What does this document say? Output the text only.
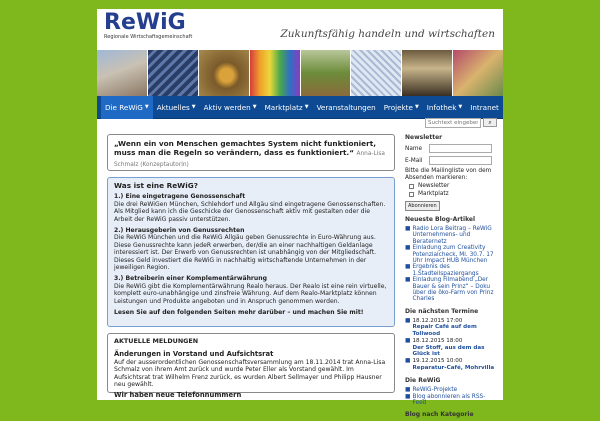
ReWiG
Regionale Wirtschaftsgemeinschaft	Zukunftsfähig handeln und wirtschaften
Die ReWiG ▼ Aktuelles ▼ Aktiv werden ▼ Marktplatz ▼ Veranstaltungen Projekte ▼ Infothek ▼ Intranet
Suchtext eingeben
⌕
„Wenn ein von Menschen gemachtes System nicht funktioniert, muss man die Regeln so verändern, dass es funktioniert.“ Anna-Lisa Schmalz (Konzeptautorin)
Was ist eine ReWiG?
1.) Eine eingetragene Genossenschaft
Die drei ReWiGen München, Schlehdorf und Allgäu sind eingetragene Genossenschaften. Als Mitglied kann ich die Geschicke der Genossenschaft aktiv mit gestalten oder die Arbeit der ReWiG passiv unterstützen.
2.) Herausgeberin von Genussrechten
Die ReWiG München und die ReWiG Allgäu geben Genussrechte in Euro-Währung aus. Diese Genussrechte kann jedeR erwerben, der/die an einer nachhaltigen Geldanlage interessiert ist. Der Erwerb von Genussrechten ist unabhängig von der Mitgliedschaft. Dieses Geld investiert die ReWiG in nachhaltig wirtschaftende Unternehmen in der jeweiligen Region.
3.) Betreiberin einer Komplementärwährung
Die ReWiG gibt die Komplementärwährung Realo heraus. Der Realo ist eine rein virtuelle, komplett euro-unabhängige und zinsfreie Währung. Auf dem Realo-Marktplatz können Leistungen und Produkte angeboten und in Anspruch genommen werden.
Lesen Sie auf den folgenden Seiten mehr darüber – und machen Sie mit!
AKTUELLE MELDUNGEN
Änderungen in Vorstand und Aufsichtsrat
Auf der ausserordentlichen Genossenschaftsversammlung am 18.11.2014 trat Anna-Lisa Schmalz von ihrem Amt zurück und wurde Peter Eller als Vorstand gewählt. Im Aufsichtsrat trat Wilhelm Frenz zurück, es wurden Albert Sellmayer und Philipp Hausner neu gewählt.
Wir haben neue Telefonnummern
Newsletter
Name
E-Mail
Bitte die Mailingliste von dem Absenden markieren:
Newsletter
Marktplatz
Abonnieren
Neueste Blog-Artikel
■ Radio Lora Beitrag – ReWiG Unternehmens- und Beraternetz
■ Einladung zum Creativity Potenzialcheck, Mi. 30.7. 17 Uhr Impact HUB München
■ Ergebnis des 1.Stadteilspaziergangs
■ Einladung Filmabend „Der Bauer & sein Prinz“ – Doku über die öko-Farm von Prinz Charles
Die nächsten Termine
■ 18.12.2015 17:00
Repair Café auf dem Tollwood
■ 18.12.2015 18:00
Der Stoff, aus dem das Glück ist
■ 19.12.2015 10:00
Reparatur-Café, Mohrvilla
Die ReWiG
■ ReWiG-Projekte
■ Blog abonnieren als RSS-Feed
Blog nach Kategorie
